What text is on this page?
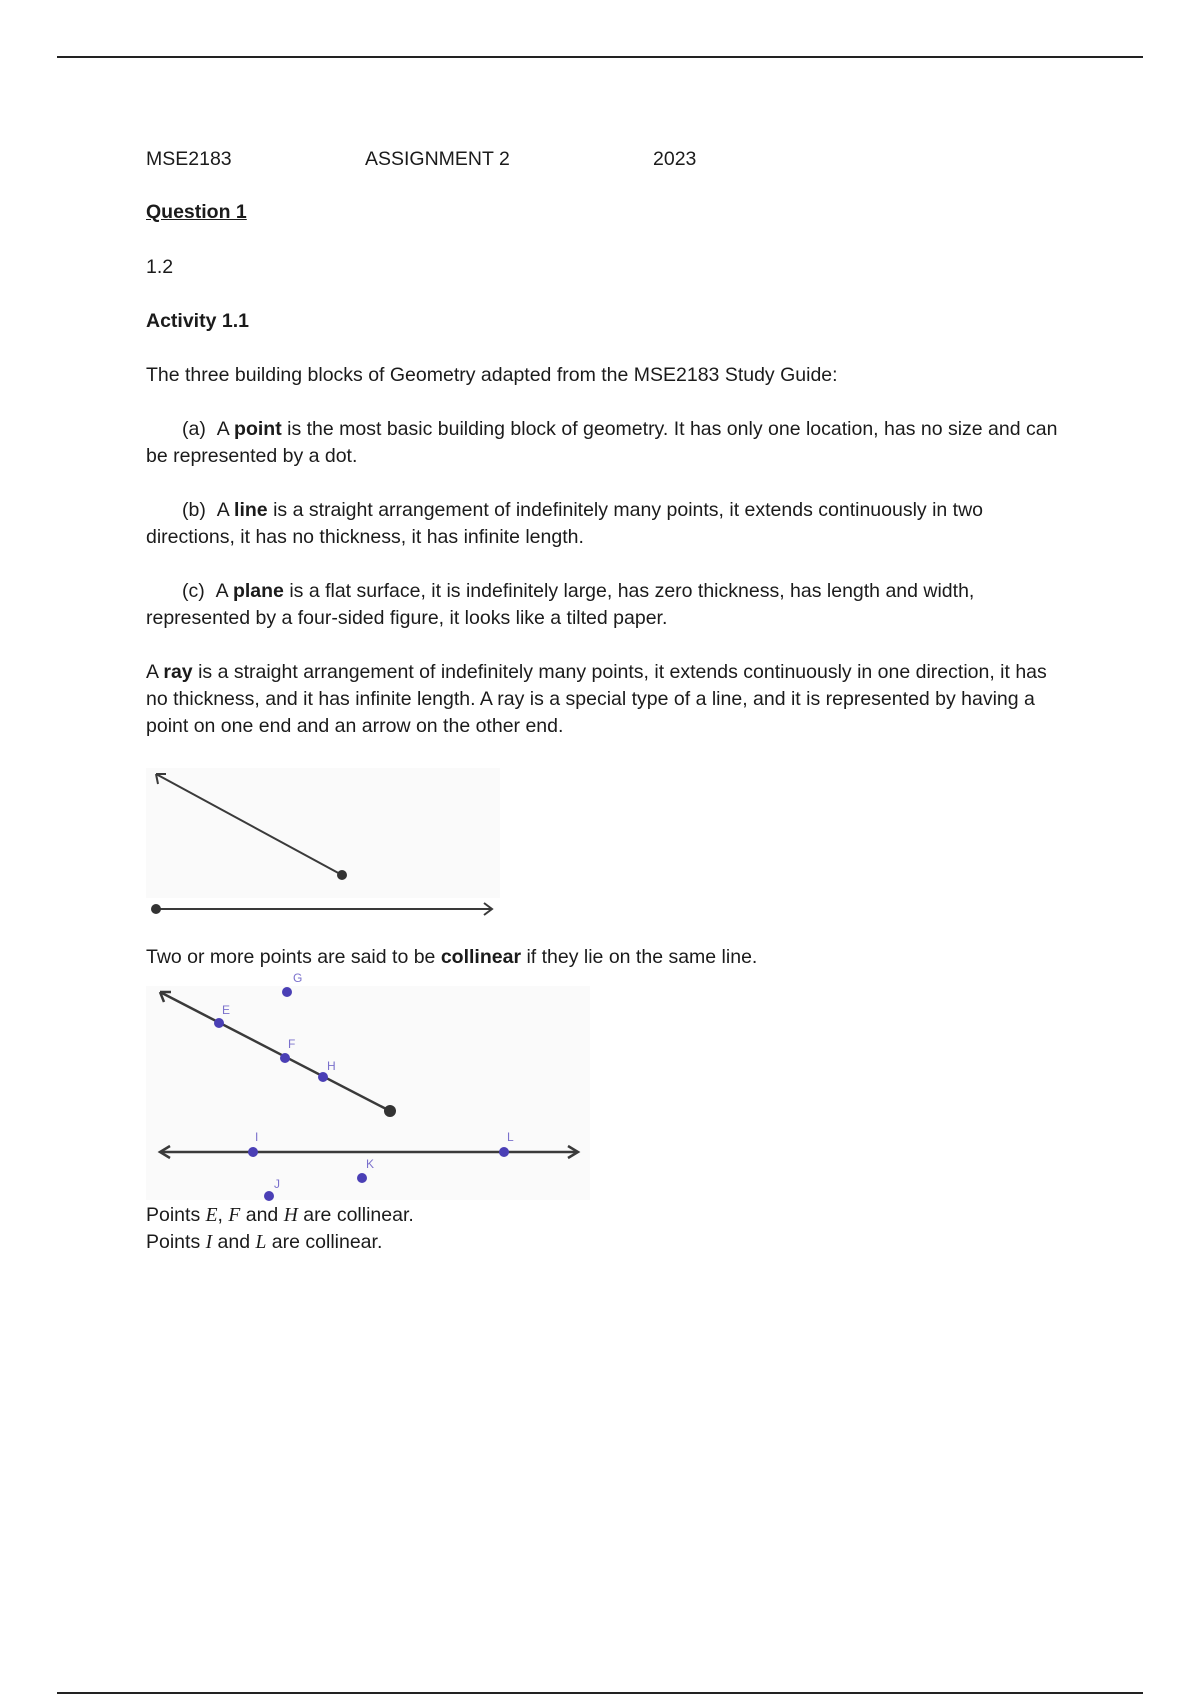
MSE2183	ASSIGNMENT 2	2023
Question 1
1.2
Activity 1.1
The three building blocks of Geometry adapted from the MSE2183 Study Guide:
(a) A point is the most basic building block of geometry. It has only one location, has no size and can be represented by a dot.
(b) A line is a straight arrangement of indefinitely many points, it extends continuously in two directions, it has no thickness, it has infinite length.
(c) A plane is a flat surface, it is indefinitely large, has zero thickness, has length and width, represented by a four-sided figure, it looks like a tilted paper.
A ray is a straight arrangement of indefinitely many points, it extends continuously in one direction, it has no thickness, and it has infinite length. A ray is a special type of a line, and it is represented by having a point on one end and an arrow on the other end.
Two or more points are said to be collinear if they lie on the same line.
Points E, F and H are collinear.
Points I and L are collinear.
G
E
F
H
I	L
J
K
